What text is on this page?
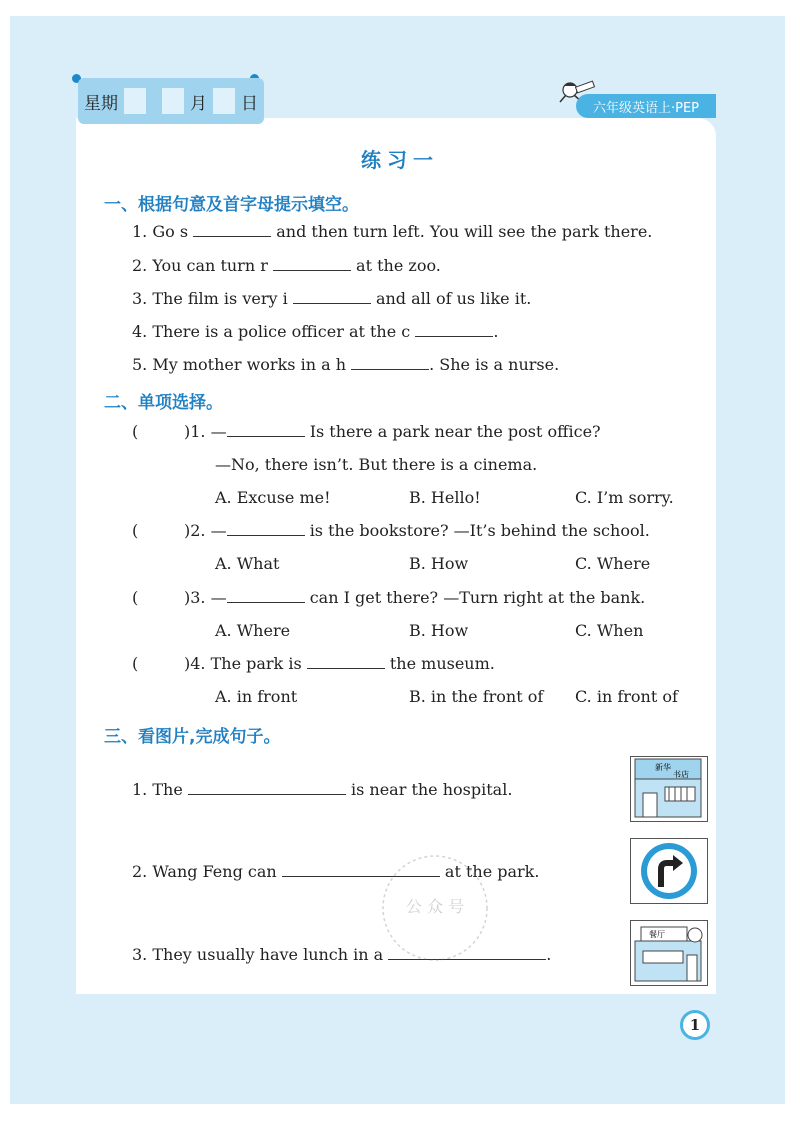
星期	月 日	六年级英语上·PEP
练习一
一、根据句意及首字母提示填空。
1. Go s	and then turn left. You will see the park there.
2. You can turn r	at the zoo.
3. The film is very i	and all of us like it.
4. There is a police officer at the c	.
5. My mother works in a h	. She is a nurse.
二、单项选择。
(	)1. —	Is there a park near the post office?
—No, there isn’t. But there is a cinema.
A. Excuse me!	B. Hello!	C. I’m sorry.
(	)2. —	is the bookstore? —It’s behind the school.
A. What	B. How	C. Where
(	)3. —	can I get there? —Turn right at the bank.
A. Where	B. How	C. When
(	)4. The park is	the museum.
A. in front	B. in the front of C. in front of
三、看图片,完成句子。
1. The	is near the hospital.
2. Wang Feng can	at the park.
3. They usually have lunch in a	.
新华
书店
餐厅
公 众 号
1
